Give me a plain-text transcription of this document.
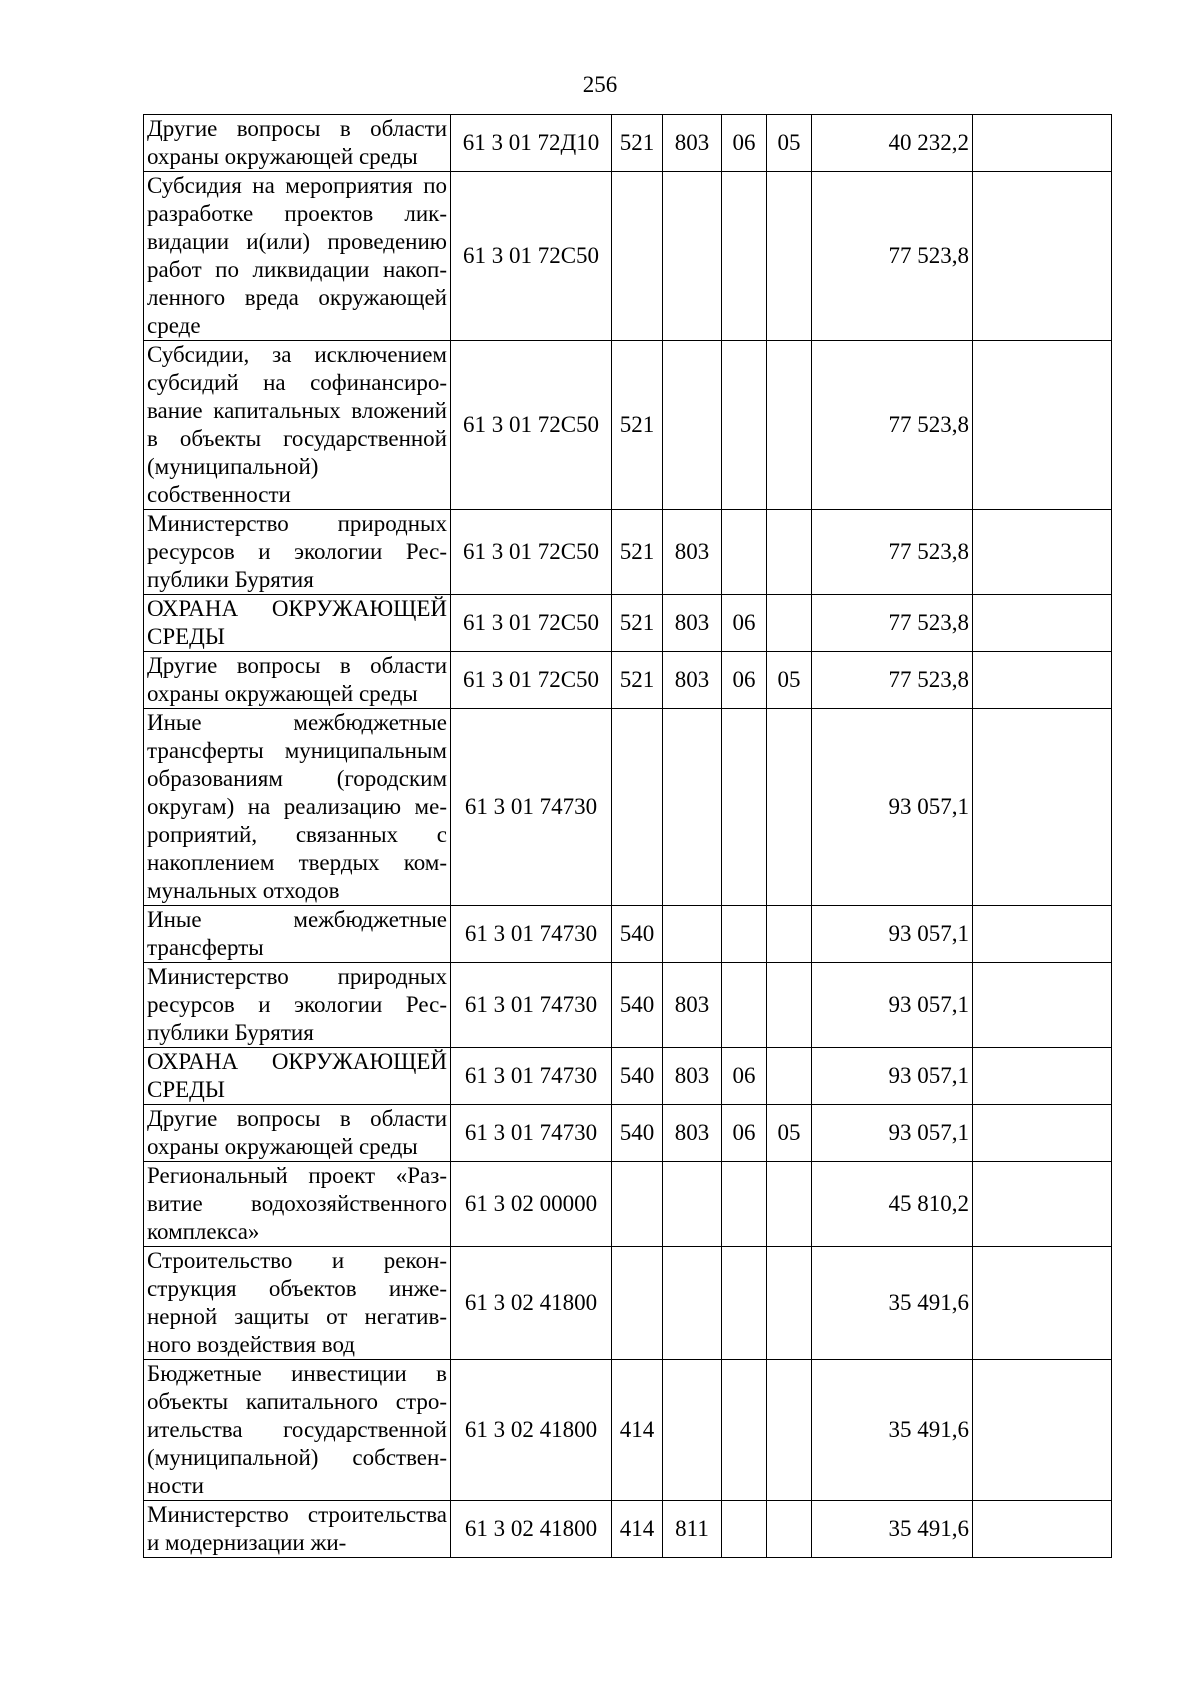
256
Другие вопросы в области охраны окружающей среды	61 3 01 72Д10	521	803	06	05	40 232,2	
Субсидия на мероприятия по разработке проектов ликвидации и(или) проведению работ по ликвидации накопленного вреда окружающей среде	61 3 01 72С50					77 523,8	
Субсидии, за исключением субсидий на софинансирование капитальных вложений в объекты государственной (муниципальной) собственности	61 3 01 72С50	521				77 523,8	
Министерство природных ресурсов и экологии Республики Бурятия	61 3 01 72С50	521	803			77 523,8	
ОХРАНА ОКРУЖАЮЩЕЙ СРЕДЫ	61 3 01 72С50	521	803	06		77 523,8	
Другие вопросы в области охраны окружающей среды	61 3 01 72С50	521	803	06	05	77 523,8	
Иные межбюджетные трансферты муниципальным образованиям (городским округам) на реализацию мероприятий, связанных с накоплением твердых коммунальных отходов	61 3 01 74730					93 057,1	
Иные межбюджетные трансферты	61 3 01 74730	540				93 057,1	
Министерство природных ресурсов и экологии Республики Бурятия	61 3 01 74730	540	803			93 057,1	
ОХРАНА ОКРУЖАЮЩЕЙ СРЕДЫ	61 3 01 74730	540	803	06		93 057,1	
Другие вопросы в области охраны окружающей среды	61 3 01 74730	540	803	06	05	93 057,1	
Региональный проект «Развитие водохозяйственного комплекса»	61 3 02 00000					45 810,2	
Строительство и реконструкция объектов инженерной защиты от негативного воздействия вод	61 3 02 41800					35 491,6	
Бюджетные инвестиции в объекты капитального строительства государственной (муниципальной) собственности	61 3 02 41800	414				35 491,6	
Министерство строительства и модернизации жи-	61 3 02 41800	414	811			35 491,6	
